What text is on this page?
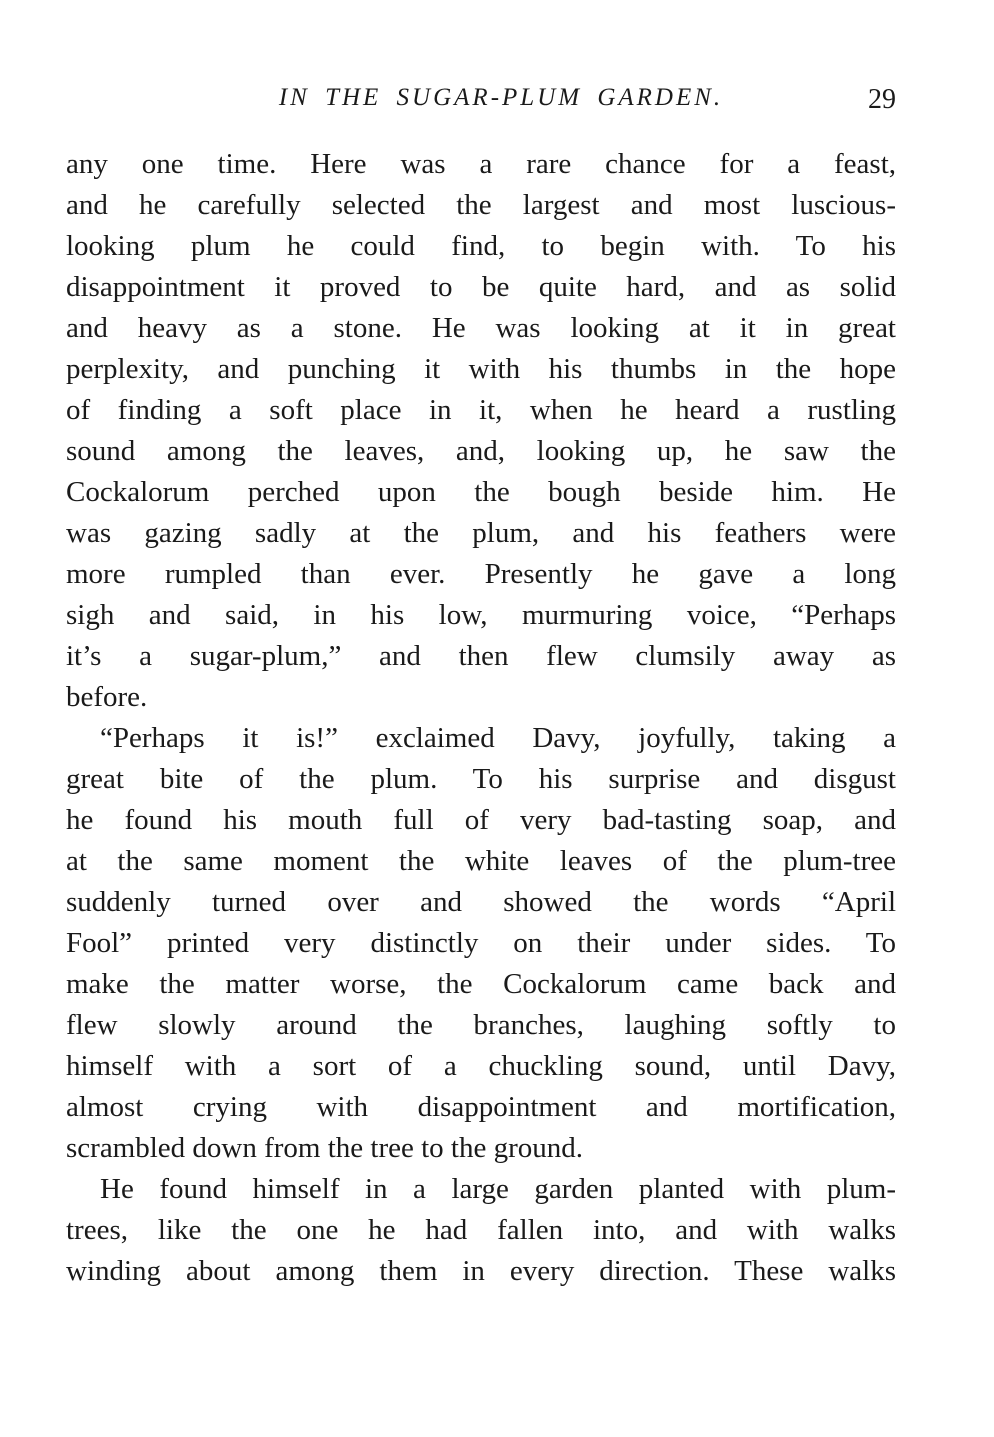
IN THE SUGAR-PLUM GARDEN.	29
any one time. Here was a rare chance for a feast,
and he carefully selected the largest and most luscious-
looking plum he could find, to begin with. To his
disappointment it proved to be quite hard, and as solid
and heavy as a stone. He was looking at it in great
perplexity, and punching it with his thumbs in the hope
of finding a soft place in it, when he heard a rustling
sound among the leaves, and, looking up, he saw the
Cockalorum perched upon the bough beside him. He
was gazing sadly at the plum, and his feathers were
more rumpled than ever. Presently he gave a long
sigh and said, in his low, murmuring voice, “Perhaps
it’s a sugar-plum,” and then flew clumsily away as
before.
“Perhaps it is!” exclaimed Davy, joyfully, taking a
great bite of the plum. To his surprise and disgust
he found his mouth full of very bad-tasting soap, and
at the same moment the white leaves of the plum-tree
suddenly turned over and showed the words “April
Fool” printed very distinctly on their under sides. To
make the matter worse, the Cockalorum came back and
flew slowly around the branches, laughing softly to
himself with a sort of a chuckling sound, until Davy,
almost crying with disappointment and mortification,
scrambled down from the tree to the ground.
He found himself in a large garden planted with plum-
trees, like the one he had fallen into, and with walks
winding about among them in every direction. These walks
